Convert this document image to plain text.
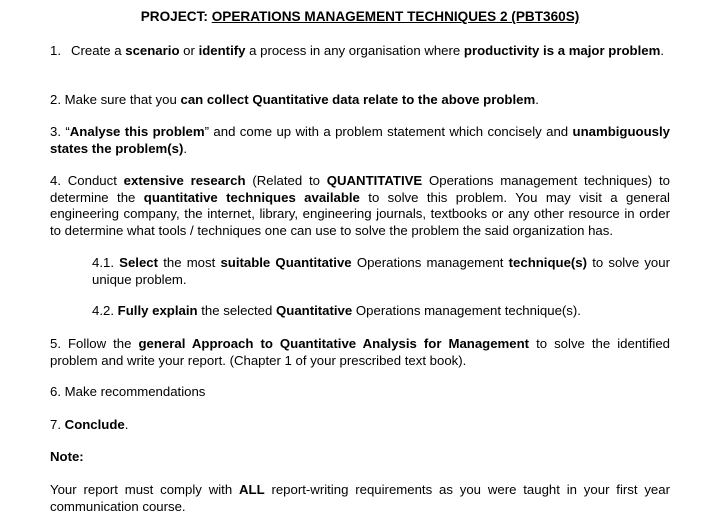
PROJECT: OPERATIONS MANAGEMENT TECHNIQUES 2 (PBT360S)
1. Create a scenario or identify a process in any organisation where productivity is a major problem.
2. Make sure that you can collect Quantitative data relate to the above problem.
3. “Analyse this problem” and come up with a problem statement which concisely and unambiguously states the problem(s).
4. Conduct extensive research (Related to QUANTITATIVE Operations management techniques) to determine the quantitative techniques available to solve this problem. You may visit a general engineering company, the internet, library, engineering journals, textbooks or any other resource in order to determine what tools / techniques one can use to solve the problem the said organization has.
4.1. Select the most suitable Quantitative Operations management technique(s) to solve your unique problem.
4.2. Fully explain the selected Quantitative Operations management technique(s).
5. Follow the general Approach to Quantitative Analysis for Management to solve the identified problem and write your report. (Chapter 1 of your prescribed text book).
6. Make recommendations
7. Conclude.
Note:
Your report must comply with ALL report-writing requirements as you were taught in your first year communication course.
